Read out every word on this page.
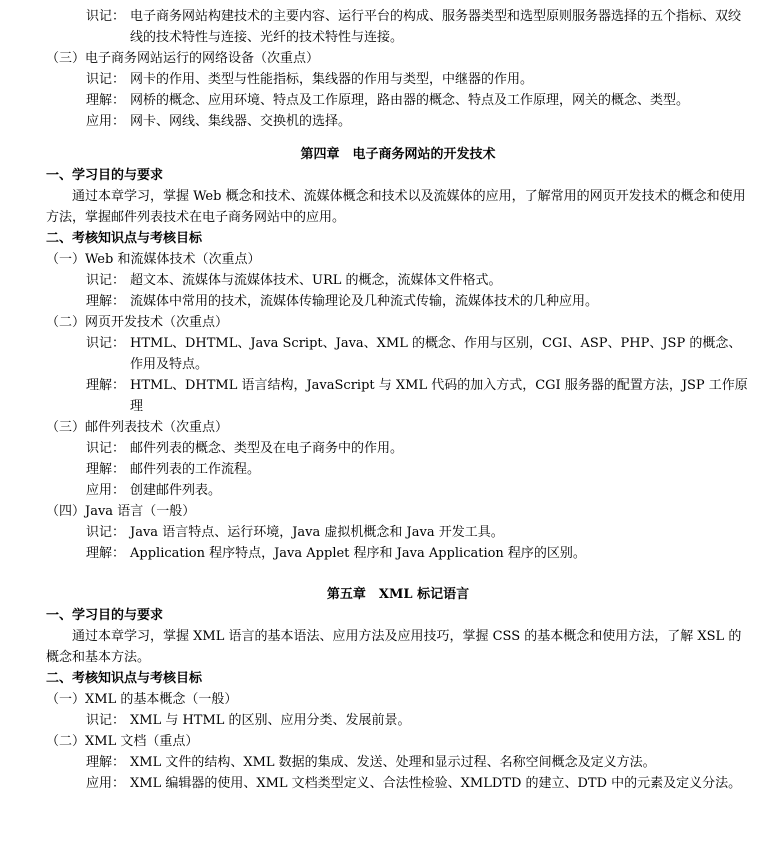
识记： 电子商务网站构建技术的主要内容、运行平台的构成、服务器类型和选型原则服务器选择的五个指标、双绞线的技术特性与连接、光纤的技术特性与连接。
（三）电子商务网站运行的网络设备（次重点）
识记： 网卡的作用、类型与性能指标，集线器的作用与类型，中继器的作用。
理解： 网桥的概念、应用环境、特点及工作原理，路由器的概念、特点及工作原理，网关的概念、类型。
应用： 网卡、网线、集线器、交换机的选择。
第四章　电子商务网站的开发技术
一、学习目的与要求
通过本章学习，掌握 Web 概念和技术、流媒体概念和技术以及流媒体的应用，了解常用的网页开发技术的概念和使用方法，掌握邮件列表技术在电子商务网站中的应用。
二、考核知识点与考核目标
（一）Web 和流媒体技术（次重点）
识记： 超文本、流媒体与流媒体技术、URL 的概念，流媒体文件格式。
理解： 流媒体中常用的技术，流媒体传输理论及几种流式传输，流媒体技术的几种应用。
（二）网页开发技术（次重点）
识记： HTML、DHTML、Java Script、Java、XML 的概念、作用与区别，CGI、ASP、PHP、JSP 的概念、作用及特点。
理解： HTML、DHTML 语言结构，JavaScript 与 XML 代码的加入方式，CGI 服务器的配置方法，JSP 工作原理
（三）邮件列表技术（次重点）
识记： 邮件列表的概念、类型及在电子商务中的作用。
理解： 邮件列表的工作流程。
应用： 创建邮件列表。
（四）Java 语言（一般）
识记： Java 语言特点、运行环境，Java 虚拟机概念和 Java 开发工具。
理解： Application 程序特点，Java Applet 程序和 Java Application 程序的区别。
第五章　XML 标记语言
一、学习目的与要求
通过本章学习，掌握 XML 语言的基本语法、应用方法及应用技巧，掌握 CSS 的基本概念和使用方法，了解 XSL 的概念和基本方法。
二、考核知识点与考核目标
（一）XML 的基本概念（一般）
识记： XML 与 HTML 的区别、应用分类、发展前景。
（二）XML 文档（重点）
理解： XML 文件的结构、XML 数据的集成、发送、处理和显示过程、名称空间概念及定义方法。
应用： XML 编辑器的使用、XML 文档类型定义、合法性检验、XMLDTD 的建立、DTD 中的元素及定义分法。
